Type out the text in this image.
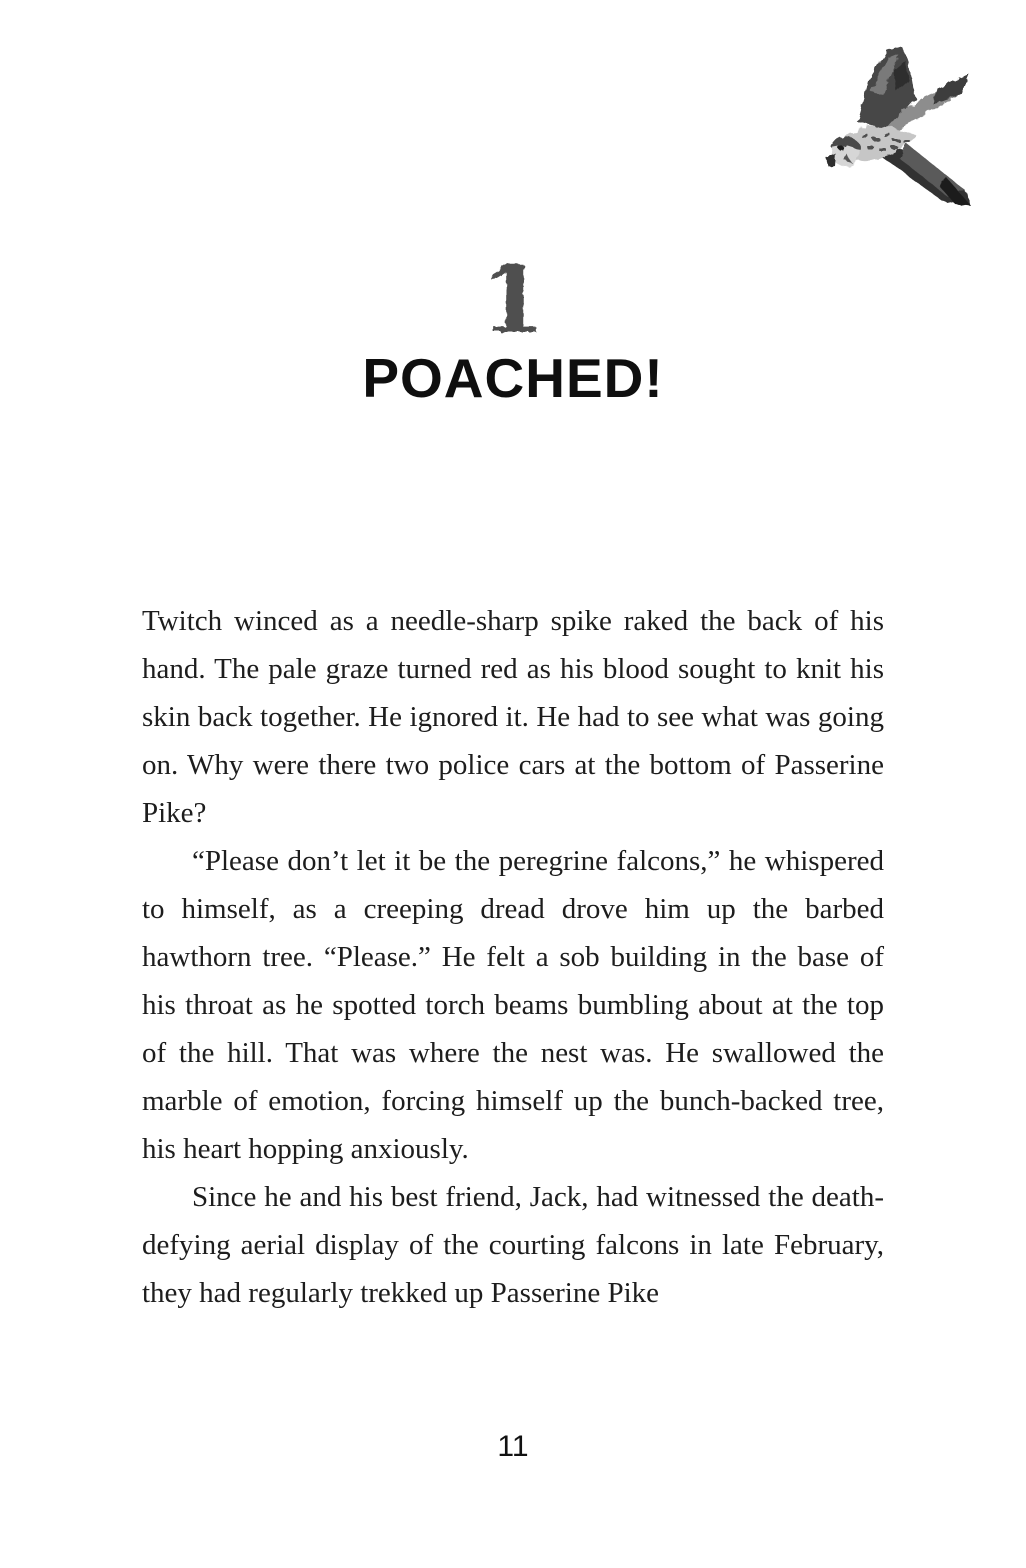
1
POACHED!

Twitch winced as a needle-sharp spike raked the back of his hand. The pale graze turned red as his blood sought to knit his skin back together. He ignored it. He had to see what was going on. Why were there two police cars at the bottom of Passerine Pike?

“Please don’t let it be the peregrine falcons,” he whispered to himself, as a creeping dread drove him up the barbed hawthorn tree. “Please.” He felt a sob building in the base of his throat as he spotted torch beams bumbling about at the top of the hill. That was where the nest was. He swallowed the marble of emotion, forcing himself up the bunch-backed tree, his heart hopping anxiously.

Since he and his best friend, Jack, had witnessed the death-defying aerial display of the courting falcons in late February, they had regularly trekked up Passerine Pike

11
